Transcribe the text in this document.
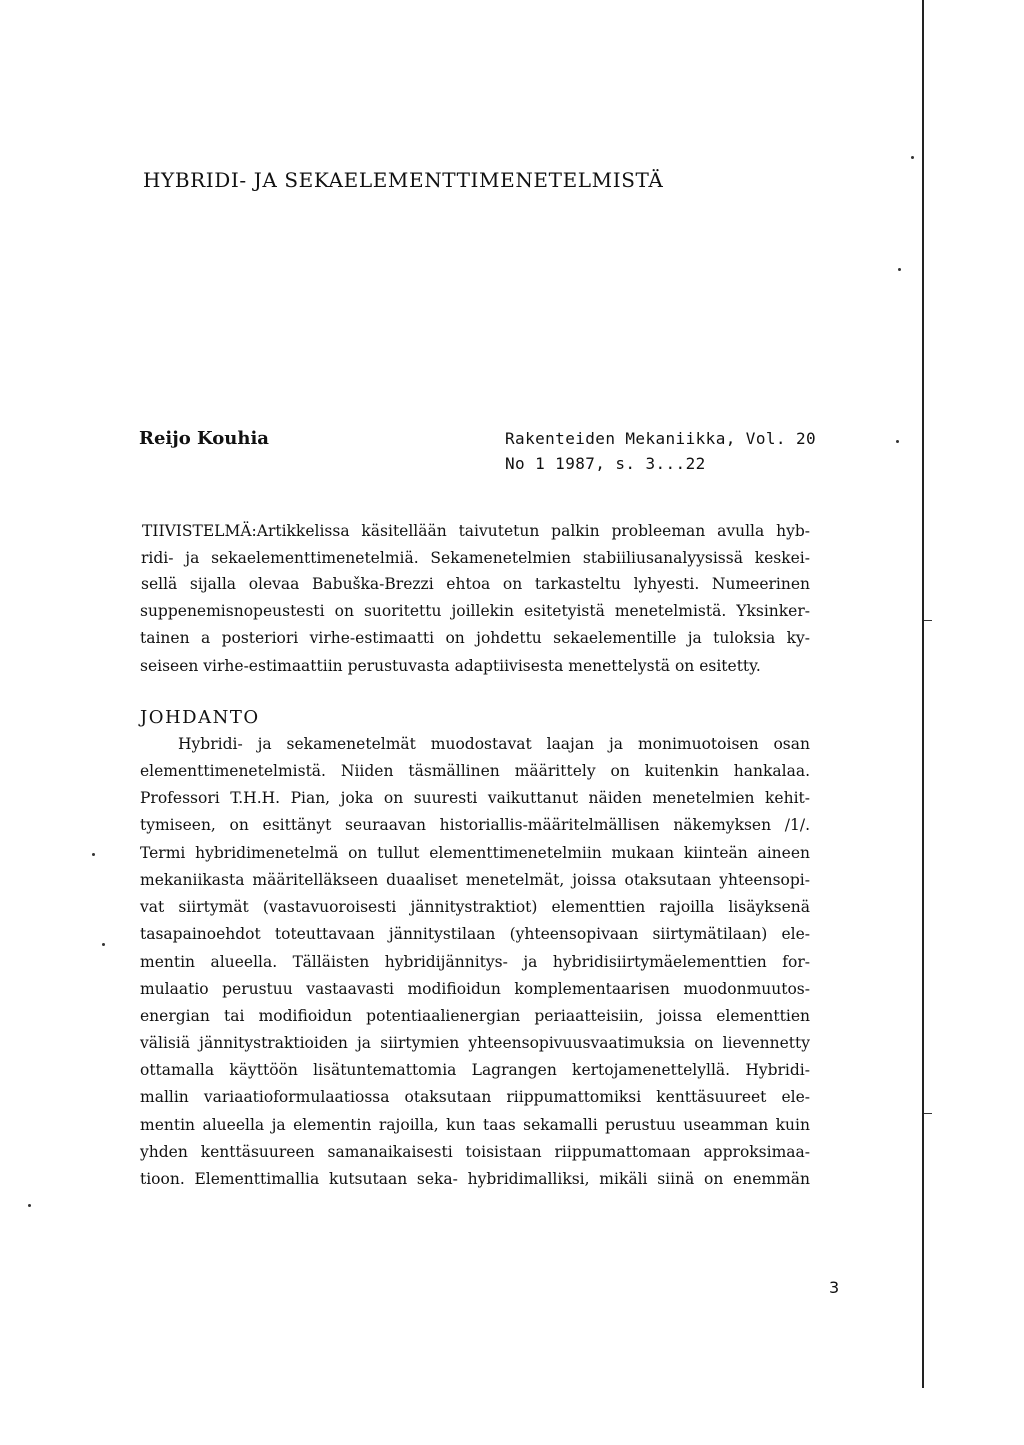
HYBRIDI- JA SEKAELEMENTTIMENETELMISTÄ
Reijo Kouhia	Rakenteiden Mekaniikka, Vol. 20
No 1 1987, s. 3...22
TIIVISTELMÄ:Artikkelissa käsitellään taivutetun palkin probleeman avulla hyb-
ridi- ja sekaelementtimenetelmiä. Sekamenetelmien stabiiliusanalyysissä keskei-
sellä sijalla olevaa Babuška-Brezzi ehtoa on tarkasteltu lyhyesti. Numeerinen
suppenemisnopeustesti on suoritettu joillekin esitetyistä menetelmistä. Yksinker-
tainen a posteriori virhe-estimaatti on johdettu sekaelementille ja tuloksia ky-
seiseen virhe-estimaattiin perustuvasta adaptiivisesta menettelystä on esitetty.
JOHDANTO
Hybridi- ja sekamenetelmät muodostavat laajan ja monimuotoisen osan
elementtimenetelmistä. Niiden täsmällinen määrittely on kuitenkin hankalaa.
Professori T.H.H. Pian, joka on suuresti vaikuttanut näiden menetelmien kehit-
tymiseen, on esittänyt seuraavan historiallis-määritelmällisen näkemyksen /1/.
Termi hybridimenetelmä on tullut elementtimenetelmiin mukaan kiinteän aineen
mekaniikasta määritelläkseen duaaliset menetelmät, joissa otaksutaan yhteensopi-
vat siirtymät (vastavuoroisesti jännitystraktiot) elementtien rajoilla lisäyksenä
tasapainoehdot toteuttavaan jännitystilaan (yhteensopivaan siirtymätilaan) ele-
mentin alueella. Tälläisten hybridijännitys- ja hybridisiirtymäelementtien for-
mulaatio perustuu vastaavasti modifioidun komplementaarisen muodonmuutos-
energian tai modifioidun potentiaalienergian periaatteisiin, joissa elementtien
välisiä jännitystraktioiden ja siirtymien yhteensopivuusvaatimuksia on lievennetty
ottamalla käyttöön lisätuntemattomia Lagrangen kertojamenettelyllä. Hybridi-
mallin variaatioformulaatiossa otaksutaan riippumattomiksi kenttäsuureet ele-
mentin alueella ja elementin rajoilla, kun taas sekamalli perustuu useamman kuin
yhden kenttäsuureen samanaikaisesti toisistaan riippumattomaan approksimaa-
tioon. Elementtimallia kutsutaan seka- hybridimalliksi, mikäli siinä on enemmän
3
